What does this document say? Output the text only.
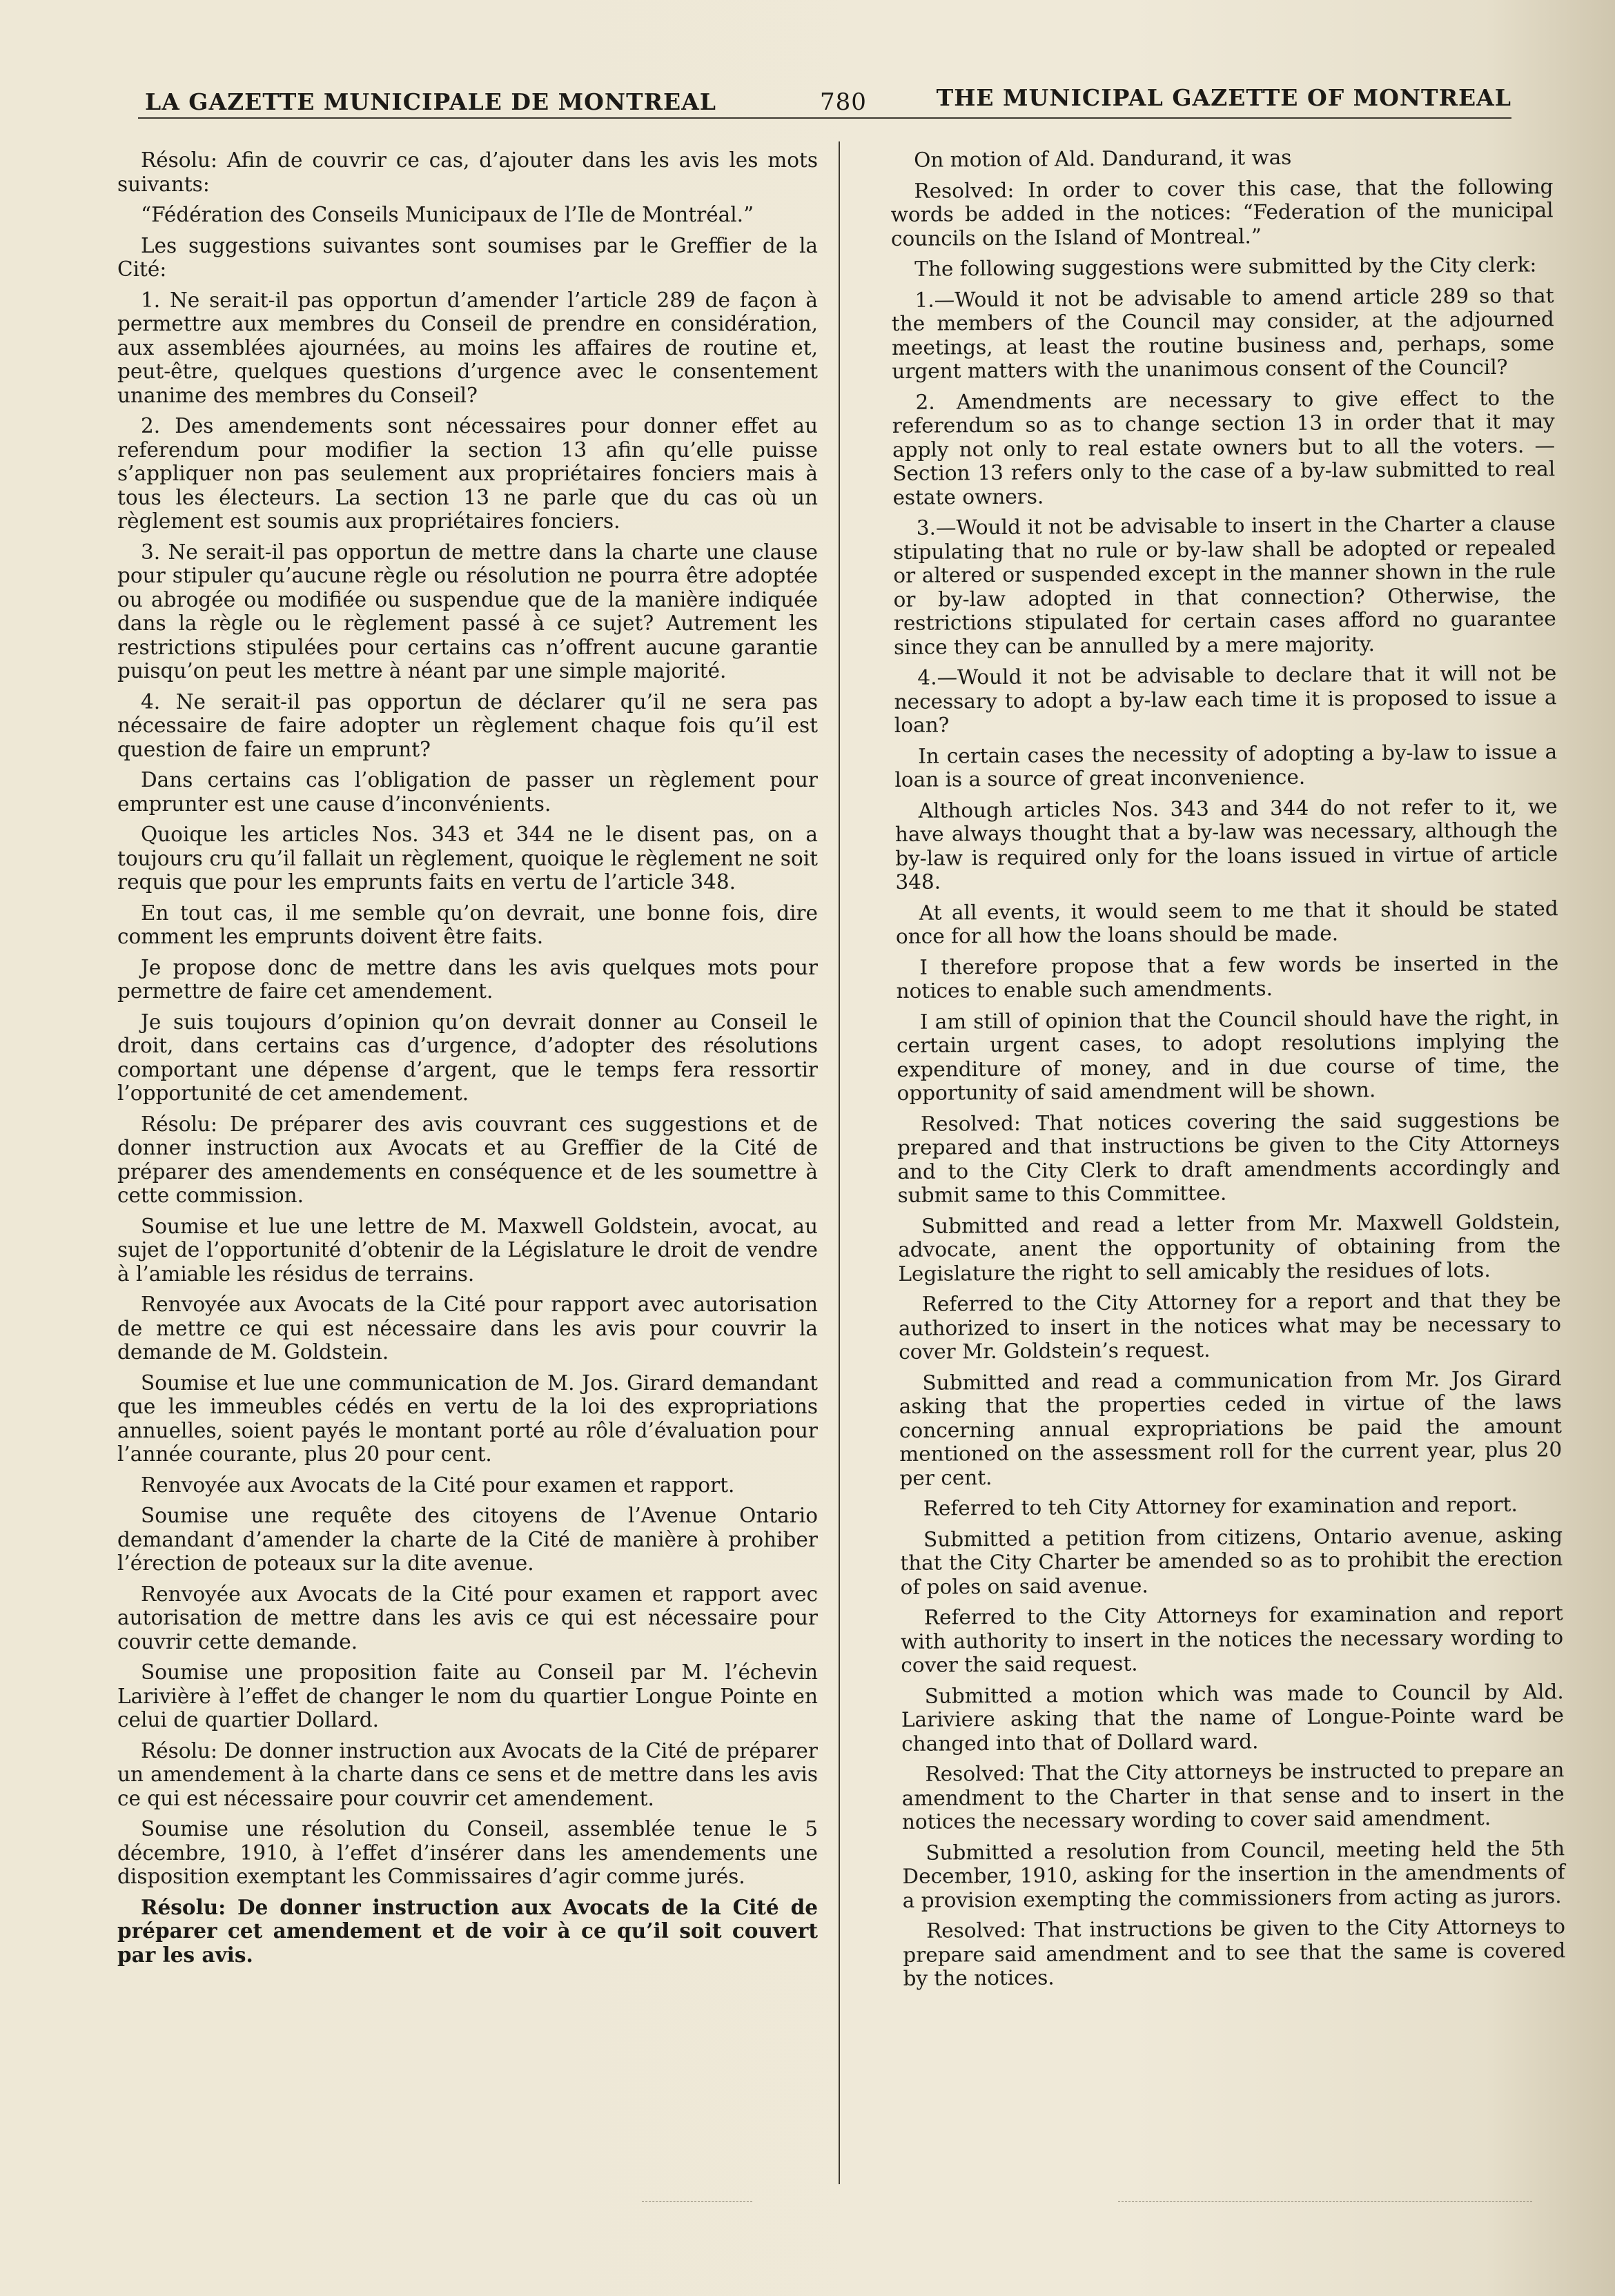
LA GAZETTE MUNICIPALE DE MONTREAL	780	THE MUNICIPAL GAZETTE OF MONTREAL

Résolu: Afin de couvrir ce cas, d’ajouter dans les avis les mots suivants:

“Fédération des Conseils Municipaux de l’Ile de Montréal.”

Les suggestions suivantes sont soumises par le Greffier de la Cité:

1. Ne serait-il pas opportun d’amender l’article 289 de façon à permettre aux membres du Conseil de prendre en considération, aux assemblées ajournées, au moins les affaires de routine et, peut-être, quelques questions d’urgence avec le consentement unanime des membres du Conseil?

2. Des amendements sont nécessaires pour donner effet au referendum pour modifier la section 13 afin qu’elle puisse s’appliquer non pas seulement aux propriétaires fonciers mais à tous les électeurs. La section 13 ne parle que du cas où un règlement est soumis aux propriétaires fonciers.

3. Ne serait-il pas opportun de mettre dans la charte une clause pour stipuler qu’aucune règle ou résolution ne pourra être adoptée ou abrogée ou modifiée ou suspendue que de la manière indiquée dans la règle ou le règlement passé à ce sujet? Autrement les restrictions stipulées pour certains cas n’offrent aucune garantie puisqu’on peut les mettre à néant par une simple majorité.

4. Ne serait-il pas opportun de déclarer qu’il ne sera pas nécessaire de faire adopter un règlement chaque fois qu’il est question de faire un emprunt?

Dans certains cas l’obligation de passer un règlement pour emprunter est une cause d’inconvénients.

Quoique les articles Nos. 343 et 344 ne le disent pas, on a toujours cru qu’il fallait un règlement, quoique le règlement ne soit requis que pour les emprunts faits en vertu de l’article 348.

En tout cas, il me semble qu’on devrait, une bonne fois, dire comment les emprunts doivent être faits.

Je propose donc de mettre dans les avis quelques mots pour permettre de faire cet amendement.

Je suis toujours d’opinion qu’on devrait donner au Conseil le droit, dans certains cas d’urgence, d’adopter des résolutions comportant une dépense d’argent, que le temps fera ressortir l’opportunité de cet amendement.

Résolu: De préparer des avis couvrant ces suggestions et de donner instruction aux Avocats et au Greffier de la Cité de préparer des amendements en conséquence et de les soumettre à cette commission.

Soumise et lue une lettre de M. Maxwell Goldstein, avocat, au sujet de l’opportunité d’obtenir de la Législature le droit de vendre à l’amiable les résidus de terrains.

Renvoyée aux Avocats de la Cité pour rapport avec autorisation de mettre ce qui est nécessaire dans les avis pour couvrir la demande de M. Goldstein.

Soumise et lue une communication de M. Jos. Girard demandant que les immeubles cédés en vertu de la loi des expropriations annuelles, soient payés le montant porté au rôle d’évaluation pour l’année courante, plus 20 pour cent.

Renvoyée aux Avocats de la Cité pour examen et rapport.

Soumise une requête des citoyens de l’Avenue Ontario demandant d’amender la charte de la Cité de manière à prohiber l’érection de poteaux sur la dite avenue.

Renvoyée aux Avocats de la Cité pour examen et rapport avec autorisation de mettre dans les avis ce qui est nécessaire pour couvrir cette demande.

Soumise une proposition faite au Conseil par M. l’échevin Larivière à l’effet de changer le nom du quartier Longue Pointe en celui de quartier Dollard.

Résolu: De donner instruction aux Avocats de la Cité de préparer un amendement à la charte dans ce sens et de mettre dans les avis ce qui est nécessaire pour couvrir cet amendement.

Soumise une résolution du Conseil, assemblée tenue le 5 décembre, 1910, à l’effet d’insérer dans les amendements une disposition exemptant les Commissaires d’agir comme jurés.

Résolu: De donner instruction aux Avocats de la Cité de préparer cet amendement et de voir à ce qu’il soit couvert par les avis.

On motion of Ald. Dandurand, it was

Resolved: In order to cover this case, that the following words be added in the notices: “Federation of the municipal councils on the Island of Montreal.”

The following suggestions were submitted by the City clerk:

1.—Would it not be advisable to amend article 289 so that the members of the Council may consider, at the adjourned meetings, at least the routine business and, perhaps, some urgent matters with the unanimous consent of the Council?

2. Amendments are necessary to give effect to the referendum so as to change section 13 in order that it may apply not only to real estate owners but to all the voters. —Section 13 refers only to the case of a by-law submitted to real estate owners.

3.—Would it not be advisable to insert in the Charter a clause stipulating that no rule or by-law shall be adopted or repealed or altered or suspended except in the manner shown in the rule or by-law adopted in that connection? Otherwise, the restrictions stipulated for certain cases afford no guarantee since they can be annulled by a mere majority.

4.—Would it not be advisable to declare that it will not be necessary to adopt a by-law each time it is proposed to issue a loan?

In certain cases the necessity of adopting a by-law to issue a loan is a source of great inconvenience.

Although articles Nos. 343 and 344 do not refer to it, we have always thought that a by-law was necessary, although the by-law is required only for the loans issued in virtue of article 348.

At all events, it would seem to me that it should be stated once for all how the loans should be made.

I therefore propose that a few words be inserted in the notices to enable such amendments.

I am still of opinion that the Council should have the right, in certain urgent cases, to adopt resolutions implying the expenditure of money, and in due course of time, the opportunity of said amendment will be shown.

Resolved: That notices covering the said suggestions be prepared and that instructions be given to the City Attorneys and to the City Clerk to draft amendments accordingly and submit same to this Committee.

Submitted and read a letter from Mr. Maxwell Goldstein, advocate, anent the opportunity of obtaining from the Legislature the right to sell amicably the residues of lots.

Referred to the City Attorney for a report and that they be authorized to insert in the notices what may be necessary to cover Mr. Goldstein’s request.

Submitted and read a communication from Mr. Jos Girard asking that the properties ceded in virtue of the laws concerning annual expropriations be paid the amount mentioned on the assessment roll for the current year, plus 20 per cent.

Referred to teh City Attorney for examination and report.

Submitted a petition from citizens, Ontario avenue, asking that the City Charter be amended so as to prohibit the erection of poles on said avenue.

Referred to the City Attorneys for examination and report with authority to insert in the notices the necessary wording to cover the said request.

Submitted a motion which was made to Council by Ald. Lariviere asking that the name of Longue-Pointe ward be changed into that of Dollard ward.

Resolved: That the City attorneys be instructed to prepare an amendment to the Charter in that sense and to insert in the notices the necessary wording to cover said amendment.

Submitted a resolution from Council, meeting held the 5th December, 1910, asking for the insertion in the amendments of a provision exempting the commissioners from acting as jurors.

Resolved: That instructions be given to the City Attorneys to prepare said amendment and to see that the same is covered by the notices.
